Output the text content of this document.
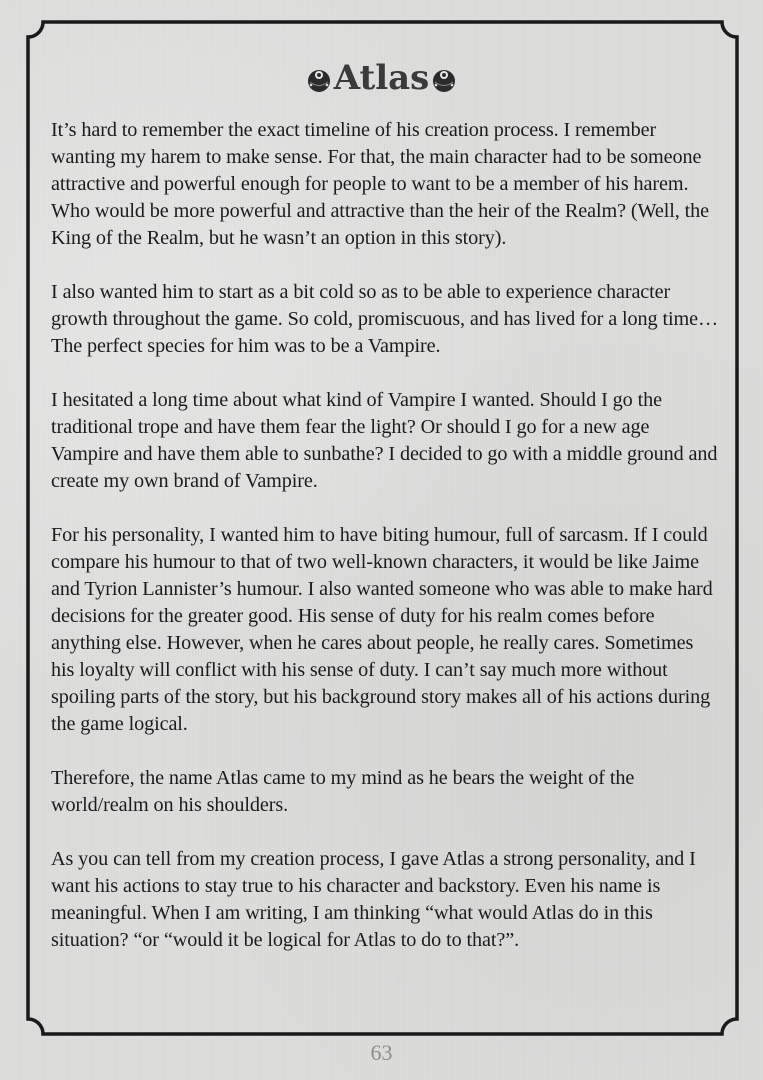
Atlas

It’s hard to remember the exact timeline of his creation process. I remember wanting my harem to make sense. For that, the main character had to be someone attractive and powerful enough for people to want to be a member of his harem. Who would be more powerful and attractive than the heir of the Realm? (Well, the King of the Realm, but he wasn’t an option in this story).

I also wanted him to start as a bit cold so as to be able to experience character growth throughout the game. So cold, promiscuous, and has lived for a long time… The perfect species for him was to be a Vampire.

I hesitated a long time about what kind of Vampire I wanted. Should I go the traditional trope and have them fear the light? Or should I go for a new age Vampire and have them able to sunbathe? I decided to go with a middle ground and create my own brand of Vampire.

For his personality, I wanted him to have biting humour, full of sarcasm. If I could compare his humour to that of two well-known characters, it would be like Jaime and Tyrion Lannister’s humour. I also wanted someone who was able to make hard decisions for the greater good. His sense of duty for his realm comes before anything else. However, when he cares about people, he really cares. Sometimes his loyalty will conflict with his sense of duty. I can’t say much more without spoiling parts of the story, but his background story makes all of his actions during the game logical.

Therefore, the name Atlas came to my mind as he bears the weight of the world/realm on his shoulders.

As you can tell from my creation process, I gave Atlas a strong personality, and I want his actions to stay true to his character and backstory. Even his name is meaningful. When I am writing, I am thinking “what would Atlas do in this situation? “or “would it be logical for Atlas to do to that?”.

63
